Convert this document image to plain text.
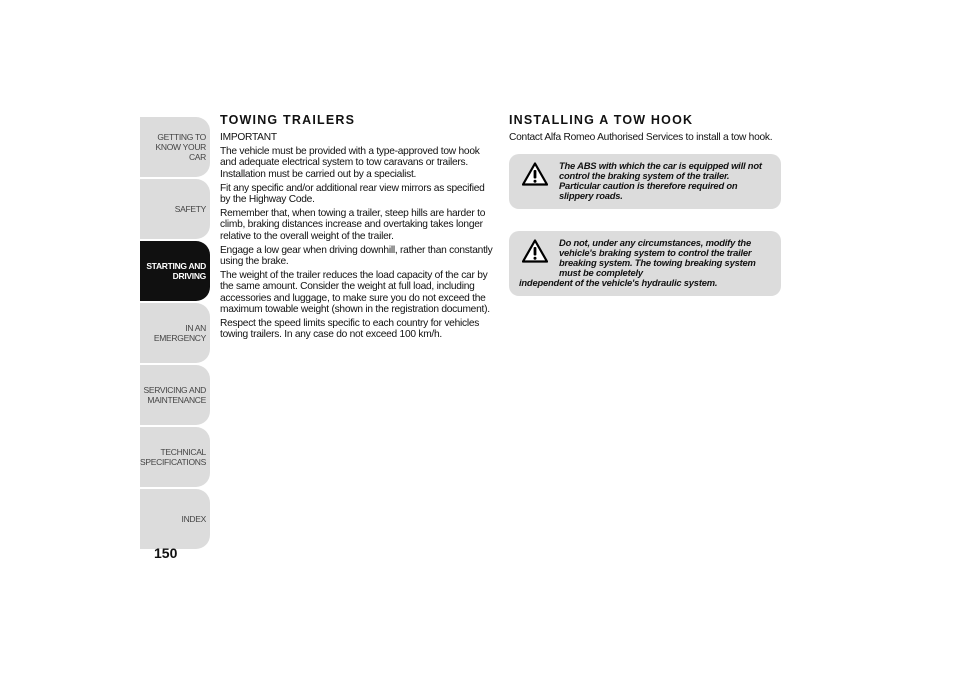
GETTING TO KNOW YOUR CAR
SAFETY
STARTING AND DRIVING
IN AN EMERGENCY
SERVICING AND MAINTENANCE
TECHNICAL SPECIFICATIONS
INDEX
150
TOWING TRAILERS

IMPORTANT

The vehicle must be provided with a type-approved tow hook and adequate electrical system to tow caravans or trailers. Installation must be carried out by a specialist.

Fit any specific and/or additional rear view mirrors as specified by the Highway Code.

Remember that, when towing a trailer, steep hills are harder to climb, braking distances increase and overtaking takes longer relative to the overall weight of the trailer.

Engage a low gear when driving downhill, rather than constantly using the brake.

The weight of the trailer reduces the load capacity of the car by the same amount. Consider the weight at full load, including accessories and luggage, to make sure you do not exceed the maximum towable weight (shown in the registration document).

Respect the speed limits specific to each country for vehicles towing trailers. In any case do not exceed 100 km/h.

INSTALLING A TOW HOOK

Contact Alfa Romeo Authorised Services to install a tow hook.

The ABS with which the car is equipped will not control the braking system of the trailer. Particular caution is therefore required on slippery roads.
Do not, under any circumstances, modify the vehicle's braking system to control the trailer breaking system. The towing breaking system must be completely
independent of the vehicle's hydraulic system.
